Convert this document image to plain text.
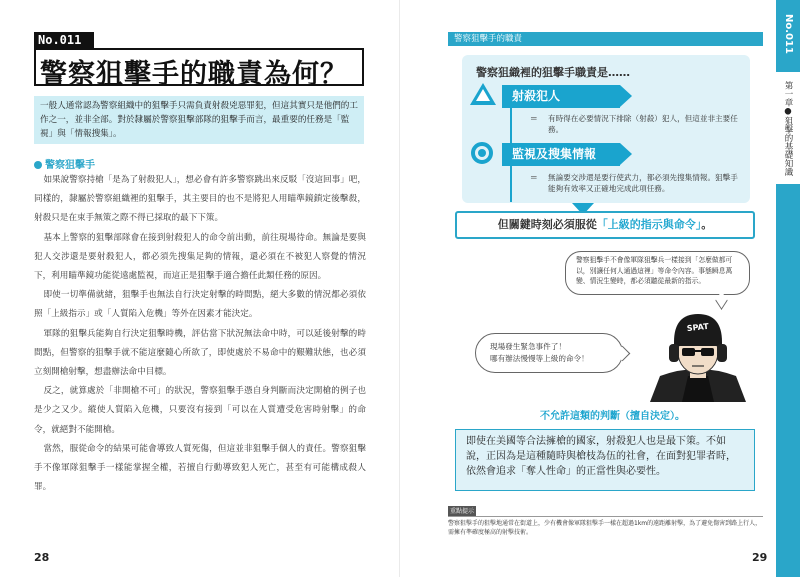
No.011
警察狙擊手的職責為何？
一般人通常認為警察組織中的狙擊手只需負責射殺兇惡罪犯，但這其實只是他們的工作之一，並非全部。對於隸屬於警察狙擊部隊的狙擊手而言，最重要的任務是「監視」與「情報搜集」。
警察狙擊手

如果說警察持槍「是為了射殺犯人」，想必會有許多警察跳出來反駁「沒這回事」吧，同樣的，隸屬於警察組織裡的狙擊手，其主要目的也不是將犯人用瞄準鏡鎖定後擊殺，射殺只是在束手無策之際不得已採取的最下下策。

基本上警察的狙擊部隊會在接到射殺犯人的命令前出動，前往現場待命。無論是要與犯人交涉還是要射殺犯人，都必須先搜集足夠的情報，還必須在不被犯人察覺的情況下，利用瞄準鏡功能從遠處監視，而這正是狙擊手適合擔任此類任務的原因。

即使一切準備就緒，狙擊手也無法自行決定射擊的時間點，絕大多數的情況都必須依照「上級指示」或「人質陷入危機」等外在因素才能決定。

軍隊的狙擊兵能夠自行決定狙擊時機，評估當下狀況無法命中時，可以延後射擊的時間點，但警察的狙擊手就不能這麼隨心所欲了，即使處於不易命中的艱難狀態，也必須立刻開槍射擊，想盡辦法命中目標。

反之，就算處於「非開槍不可」的狀況，警察狙擊手憑自身判斷而決定開槍的例子也是少之又少。縱使人質陷入危機，只要沒有接到「可以在人質遭受危害時射擊」的命令，就絕對不能開槍。

當然，服從命令的結果可能會導致人質死傷，但這並非狙擊手個人的責任。警察狙擊手不像軍隊狙擊手一樣能掌握全權，若擅自行動導致犯人死亡，甚至有可能構成殺人罪。

28
警察狙擊手的職責
警察狙織裡的狙擊手職責是……
射殺犯人
＝	有時得在必要情況下排除（射殺）犯人，但這並非主要任務。
監視及搜集情報
＝	無論要交涉還是要行使武力，都必須先搜集情報。狙擊手能夠有效率又正確地完成此項任務。
但關鍵時刻必須服從「上級的指示與命令」。
警察狙擊手不會像軍隊狙擊兵一樣接到「怎麼做都可以，別讓任何人通過這裡」等命令內容。事態瞬息萬變、情況生變時，都必須聽從最新的指示。
現場發生緊急事件了！
哪有辦法慢慢等上級的命令！
SPAT
不允許這類的判斷（擅自決定）。
即使在美國等合法擁槍的國家，射殺犯人也是最下策。不如說，正因為是這種隨時與槍枝為伍的社會，在面對犯罪者時，依然會追求「奪人性命」的正當性與必要性。
重點提示
警察狙擊手的狙擊地通常在街道上，少有機會像軍隊狙擊手一樣在超過1km的遠距離射擊，為了避免傷害到路上行人，需擁有準確度極高的射擊技術。
29
No.011
第一章●狙擊的基礎知識
